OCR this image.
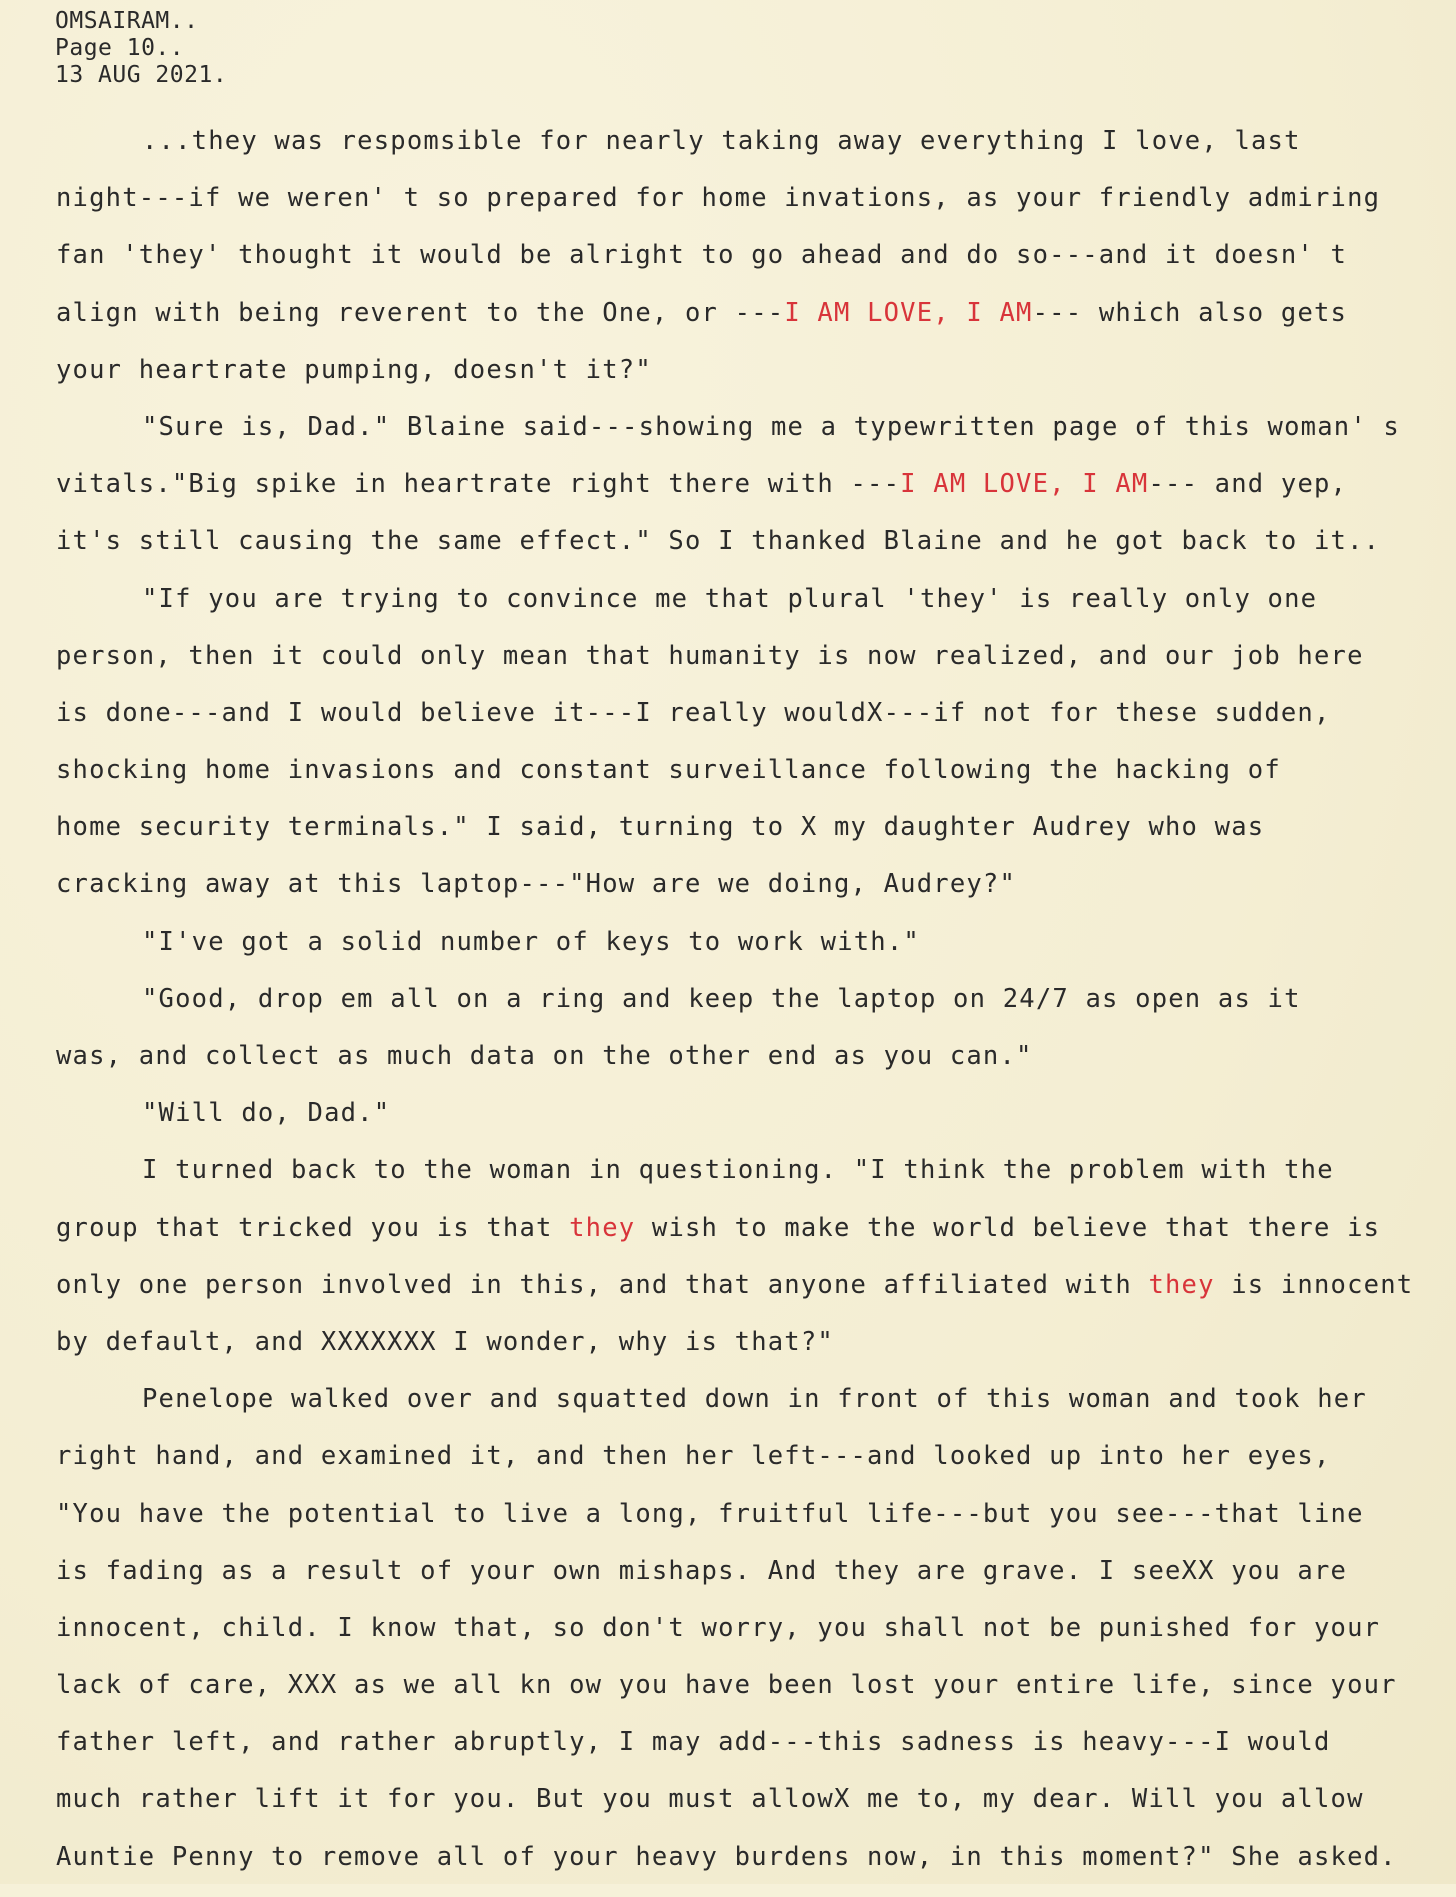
OMSAIRAM..
Page 10..
13 AUG 2021.
...they was respomsible for nearly taking away everything I love, last
night---if we weren' t so prepared for home invations, as your friendly admiring
fan 'they' thought it would be alright to go ahead and do so---and it doesn' t
align with being reverent to the One, or ---I AM LOVE, I AM--- which also gets
your heartrate pumping, doesn't it?"
"Sure is, Dad." Blaine said---showing me a typewritten page of this woman' s
vitals."Big spike in heartrate right there with ---I AM LOVE, I AM--- and yep,
it's still causing the same effect." So I thanked Blaine and he got back to it..
"If you are trying to convince me that plural 'they' is really only one
person, then it could only mean that humanity is now realized, and our job here
is done---and I would believe it---I really wouldX---if not for these sudden,
shocking home invasions and constant surveillance following the hacking of
home security terminals." I said, turning to X my daughter Audrey who was
cracking away at this laptop---"How are we doing, Audrey?"
"I've got a solid number of keys to work with."
"Good, drop em all on a ring and keep the laptop on 24/7 as open as it
was, and collect as much data on the other end as you can."
"Will do, Dad."
I turned back to the woman in questioning. "I think the problem with the
group that tricked you is that they wish to make the world believe that there is
only one person involved in this, and that anyone affiliated with they is innocent
by default, and XXXXXXX I wonder, why is that?"
Penelope walked over and squatted down in front of this woman and took her
right hand, and examined it, and then her left---and looked up into her eyes,
"You have the potential to live a long, fruitful life---but you see---that line
is fading as a result of your own mishaps. And they are grave. I seeXX you are
innocent, child. I know that, so don't worry, you shall not be punished for your
lack of care, XXX as we all kn ow you have been lost your entire life, since your
father left, and rather abruptly, I may add---this sadness is heavy---I would
much rather lift it for you. But you must allowX me to, my dear. Will you allow
Auntie Penny to remove all of your heavy burdens now, in this moment?" She asked.
